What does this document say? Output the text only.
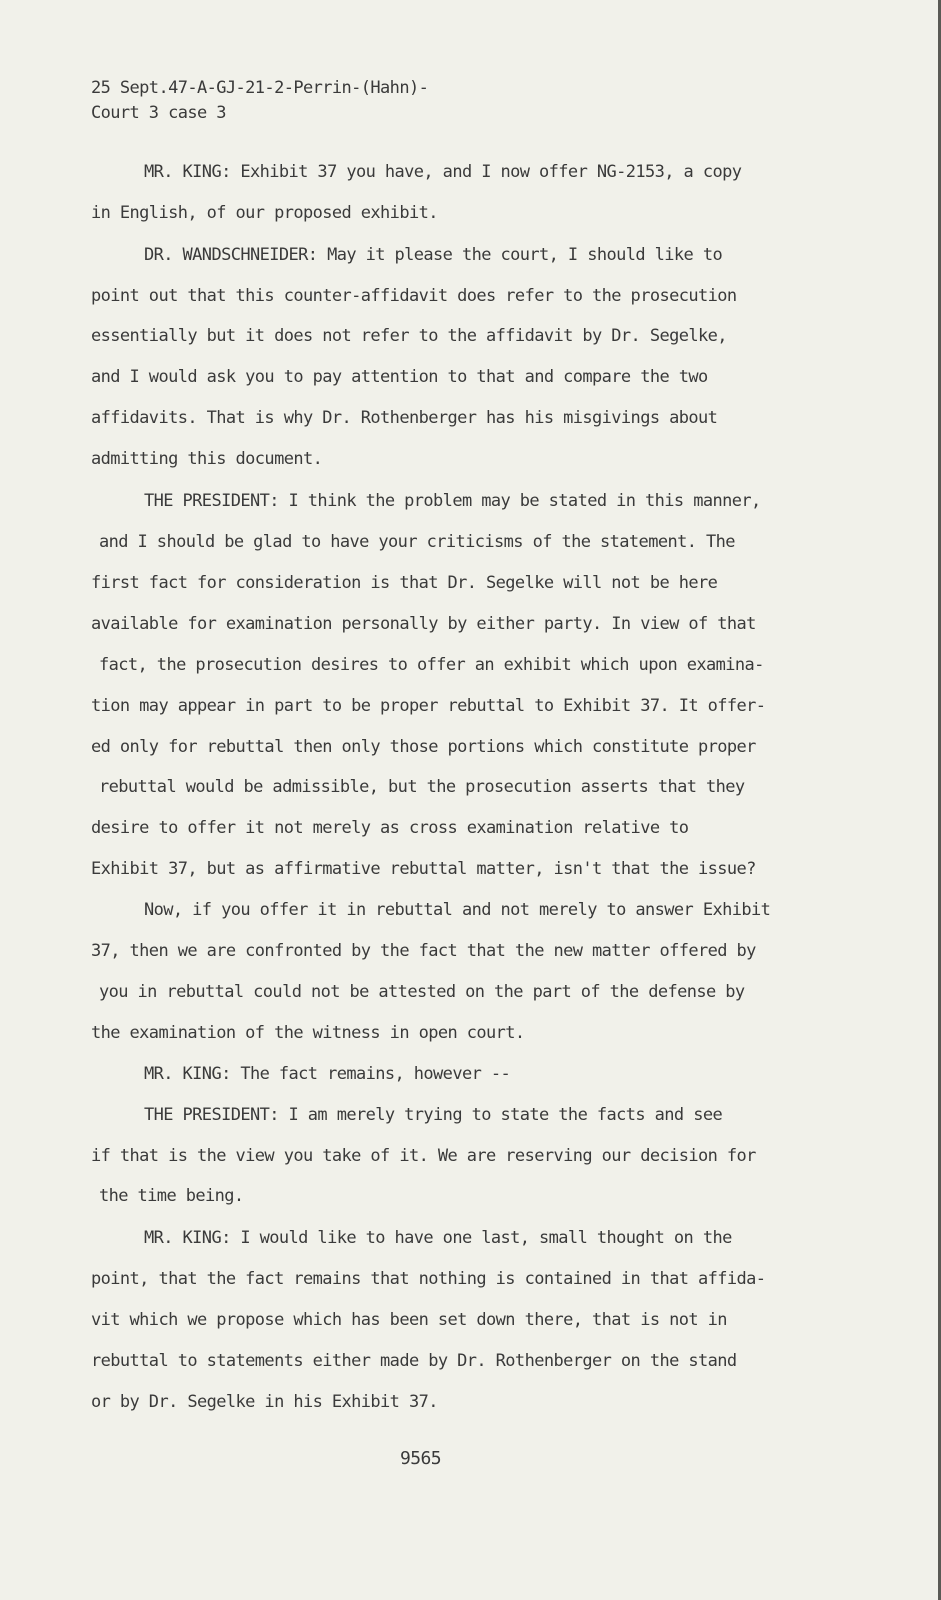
25 Sept.47-A-GJ-21-2-Perrin-(Hahn)-
Court 3 case 3
MR. KING: Exhibit 37 you have, and I now offer NG-2153, a copy
in English, of our proposed exhibit.
DR. WANDSCHNEIDER: May it please the court, I should like to
point out that this counter-affidavit does refer to the prosecution
essentially but it does not refer to the affidavit by Dr. Segelke,
and I would ask you to pay attention to that and compare the two
affidavits. That is why Dr. Rothenberger has his misgivings about
admitting this document.
THE PRESIDENT: I think the problem may be stated in this manner,
and I should be glad to have your criticisms of the statement. The
first fact for consideration is that Dr. Segelke will not be here
available for examination personally by either party. In view of that
fact, the prosecution desires to offer an exhibit which upon examina-
tion may appear in part to be proper rebuttal to Exhibit 37. It offer-
ed only for rebuttal then only those portions which constitute proper
rebuttal would be admissible, but the prosecution asserts that they
desire to offer it not merely as cross examination relative to
Exhibit 37, but as affirmative rebuttal matter, isn't that the issue?
Now, if you offer it in rebuttal and not merely to answer Exhibit
37, then we are confronted by the fact that the new matter offered by
you in rebuttal could not be attested on the part of the defense by
the examination of the witness in open court.
MR. KING: The fact remains, however --
THE PRESIDENT: I am merely trying to state the facts and see
if that is the view you take of it. We are reserving our decision for
the time being.
MR. KING: I would like to have one last, small thought on the
point, that the fact remains that nothing is contained in that affida-
vit which we propose which has been set down there, that is not in
rebuttal to statements either made by Dr. Rothenberger on the stand
or by Dr. Segelke in his Exhibit 37.
9565
